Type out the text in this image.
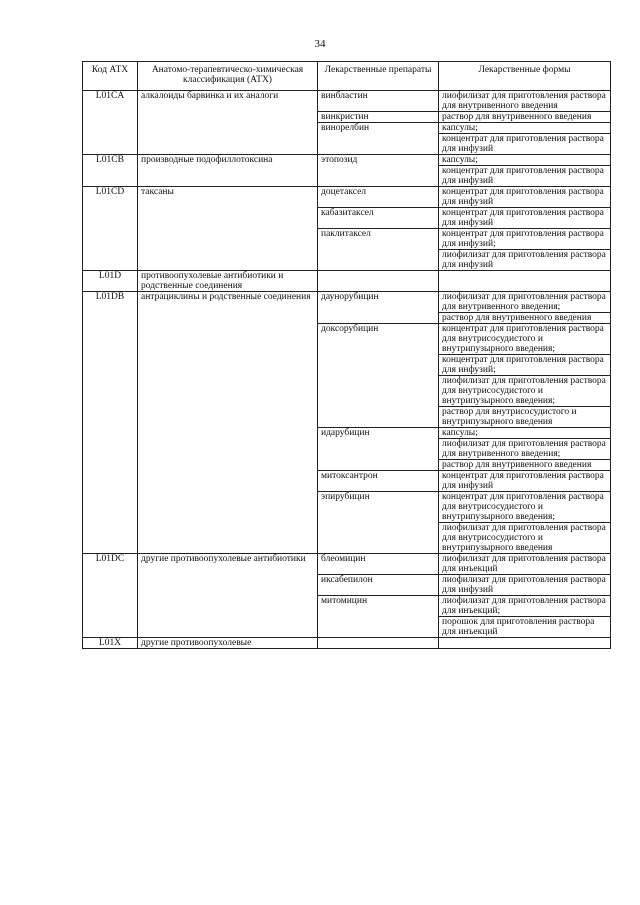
34
Код АТХ	Анатомо-терапевтическо-химическая классификация (АТХ)	Лекарственные препараты	Лекарственные формы
L01CA	алкалоиды барвинка и их аналоги	винбластин	лиофилизат для приготовления раствора для внутривенного введения
		винкристин	раствор для внутривенного введения
		винорелбин	капсулы;
			концентрат для приготовления раствора для инфузий
L01CB	производные подофиллотоксина	этопозид	капсулы;
			концентрат для приготовления раствора для инфузий
L01CD	таксаны	доцетаксел	концентрат для приготовления раствора для инфузий
		кабазитаксел	концентрат для приготовления раствора для инфузий
		паклитаксел	концентрат для приготовления раствора для инфузий;
			лиофилизат для приготовления раствора для инфузий
L01D	противоопухолевые антибиотики и родственные соединения		
L01DB	антрациклины и родственные соединения	даунорубицин	лиофилизат для приготовления раствора для внутривенного введения;
			раствор для внутривенного введения
		доксорубицин	концентрат для приготовления раствора для внутрисосудистого и внутрипузырного введения;
			концентрат для приготовления раствора для инфузий;
			лиофилизат для приготовления раствора для внутрисосудистого и внутрипузырного введения;
			раствор для внутрисосудистого и внутрипузырного введения
		идарубицин	капсулы;
			лиофилизат для приготовления раствора для внутривенного введения;
			раствор для внутривенного введения
		митоксантрон	концентрат для приготовления раствора для инфузий
		эпирубицин	концентрат для приготовления раствора для внутрисосудистого и внутрипузырного введения;
			лиофилизат для приготовления раствора для внутрисосудистого и внутрипузырного введения
L01DC	другие противоопухолевые антибиотики	блеомицин	лиофилизат для приготовления раствора для инъекций
		иксабепилон	лиофилизат для приготовления раствора для инфузий
		митомицин	лиофилизат для приготовления раствора для инъекций;
			порошок для приготовления раствора для инъекций
L01X	другие противоопухолевые		
